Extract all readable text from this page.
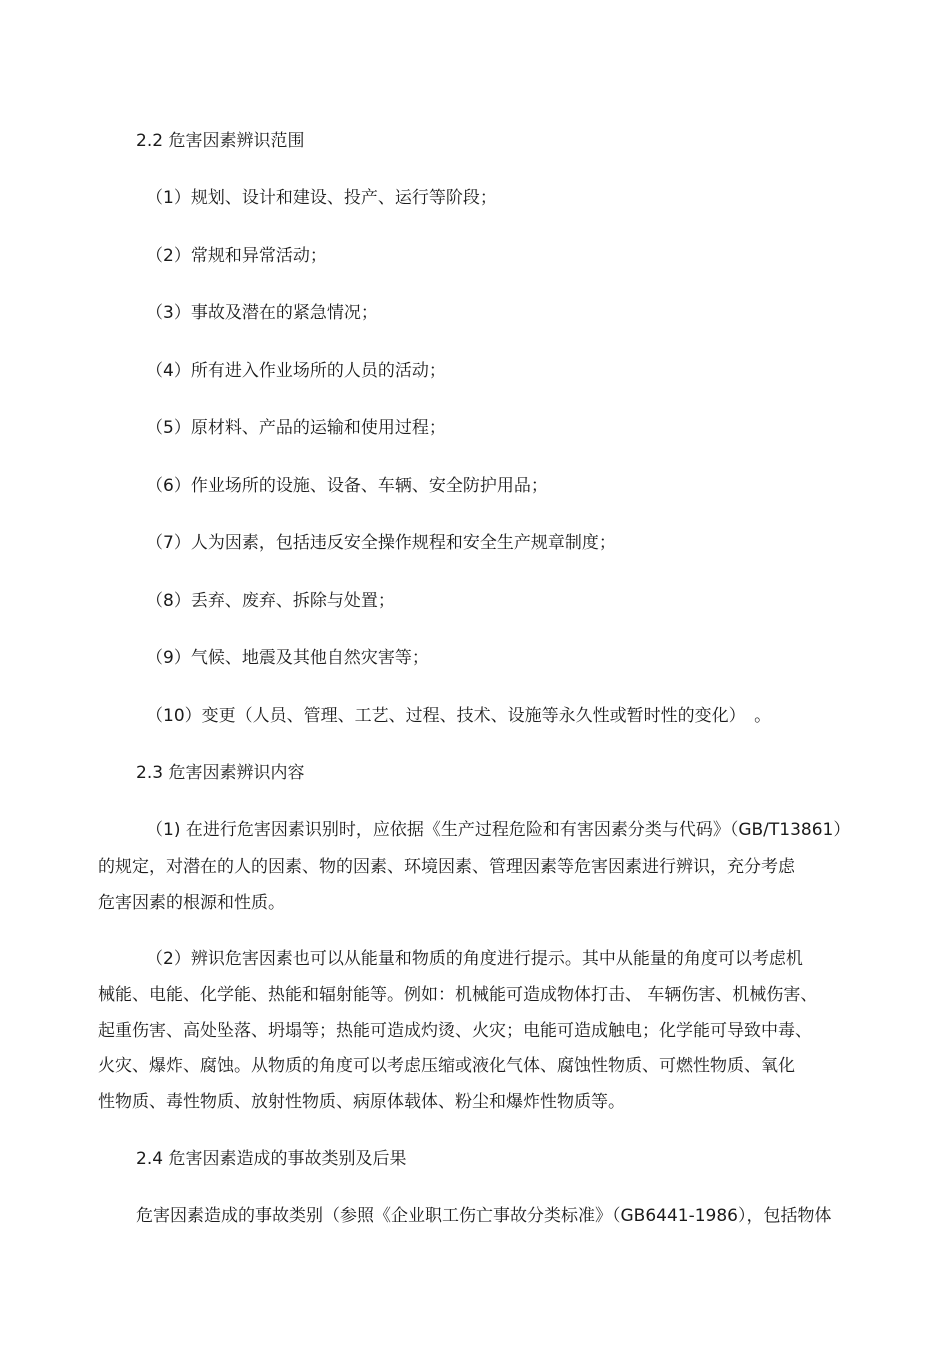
2.2 危害因素辨识范围
（1）规划、设计和建设、投产、运行等阶段；
（2）常规和异常活动；
（3）事故及潜在的紧急情况；
（4）所有进入作业场所的人员的活动；
（5）原材料、产品的运输和使用过程；
（6）作业场所的设施、设备、车辆、安全防护用品；
（7）人为因素，包括违反安全操作规程和安全生产规章制度；
（8）丢弃、废弃、拆除与处置；
（9）气候、地震及其他自然灾害等；
（10）变更（人员、管理、工艺、过程、技术、设施等永久性或暂时性的变化）　。
2.3 危害因素辨识内容
（1) 在进行危害因素识别时，应依据《生产过程危险和有害因素分类与代码》（GB/T13861）
的规定，对潜在的人的因素、物的因素、环境因素、管理因素等危害因素进行辨识，充分考虑
危害因素的根源和性质。
（2）辨识危害因素也可以从能量和物质的角度进行提示。其中从能量的角度可以考虑机
械能、电能、化学能、热能和辐射能等。例如：机械能可造成物体打击、 车辆伤害、机械伤害、
起重伤害、高处坠落、坍塌等；热能可造成灼烫、火灾；电能可造成触电；化学能可导致中毒、
火灾、爆炸、腐蚀。从物质的角度可以考虑压缩或液化气体、腐蚀性物质、可燃性物质、氧化
性物质、毒性物质、放射性物质、病原体载体、粉尘和爆炸性物质等。
2.4 危害因素造成的事故类别及后果
危害因素造成的事故类别（参照《企业职工伤亡事故分类标准》（GB6441-1986），包括物体
